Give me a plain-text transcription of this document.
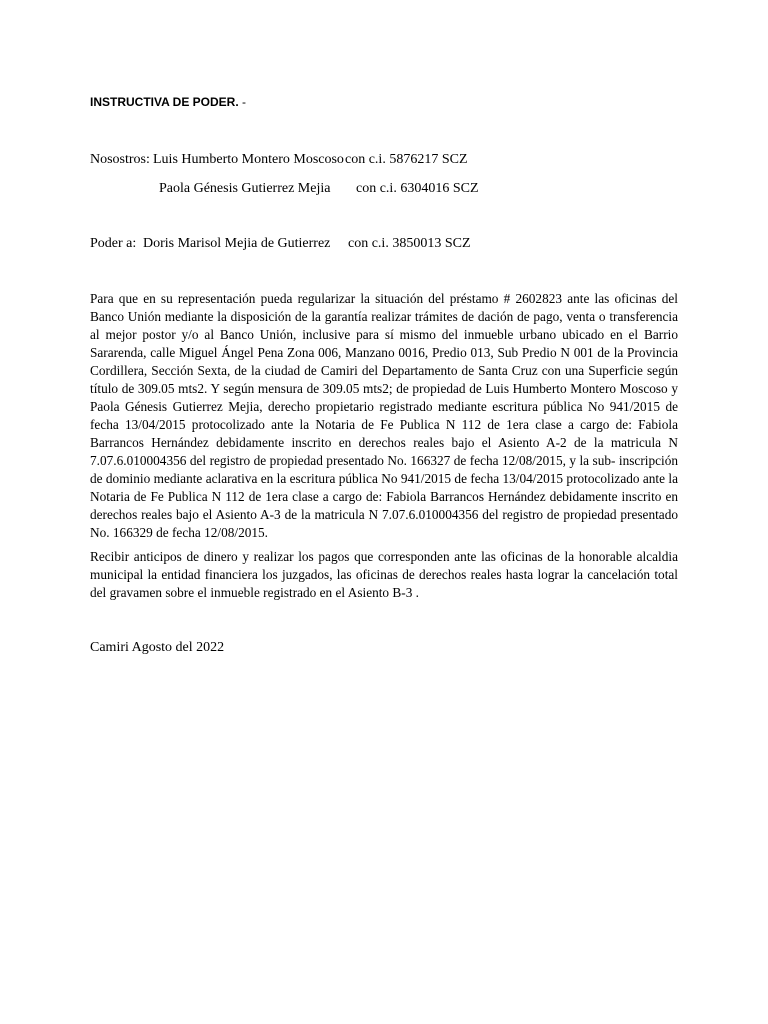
INSTRUCTIVA DE PODER. -
Nosostros: Luis Humberto Montero Moscoso con c.i. 5876217 SCZ
Paola Génesis Gutierrez Mejia con c.i. 6304016 SCZ
Poder a: Doris Marisol Mejia de Gutierrez con c.i. 3850013 SCZ

Para que en su representación pueda regularizar la situación del préstamo # 2602823 ante las oficinas del Banco Unión mediante la disposición de la garantía realizar trámites de dación de pago, venta o transferencia al mejor postor y/o al Banco Unión, inclusive para sí mismo del inmueble urbano ubicado en el Barrio Sararenda, calle Miguel Ángel Pena Zona 006, Manzano 0016, Predio 013, Sub Predio N 001 de la Provincia Cordillera, Sección Sexta, de la ciudad de Camiri del Departamento de Santa Cruz con una Superficie según título de 309.05 mts2. Y según mensura de 309.05 mts2; de propiedad de Luis Humberto Montero Moscoso y Paola Génesis Gutierrez Mejia, derecho propietario registrado mediante escritura pública No 941/2015 de fecha 13/04/2015 protocolizado ante la Notaria de Fe Publica N 112 de 1era clase a cargo de: Fabiola Barrancos Hernández debidamente inscrito en derechos reales bajo el Asiento A-2 de la matricula N 7.07.6.010004356 del registro de propiedad presentado No. 166327 de fecha 12/08/2015, y la sub- inscripción de dominio mediante aclarativa en la escritura pública No 941/2015 de fecha 13/04/2015 protocolizado ante la Notaria de Fe Publica N 112 de 1era clase a cargo de: Fabiola Barrancos Hernández debidamente inscrito en derechos reales bajo el Asiento A-3 de la matricula N 7.07.6.010004356 del registro de propiedad presentado No. 166329 de fecha 12/08/2015.

Recibir anticipos de dinero y realizar los pagos que corresponden ante las oficinas de la honorable alcaldia municipal la entidad financiera los juzgados, las oficinas de derechos reales hasta lograr la cancelación total del gravamen sobre el inmueble registrado en el Asiento B-3 .

Camiri Agosto del 2022
